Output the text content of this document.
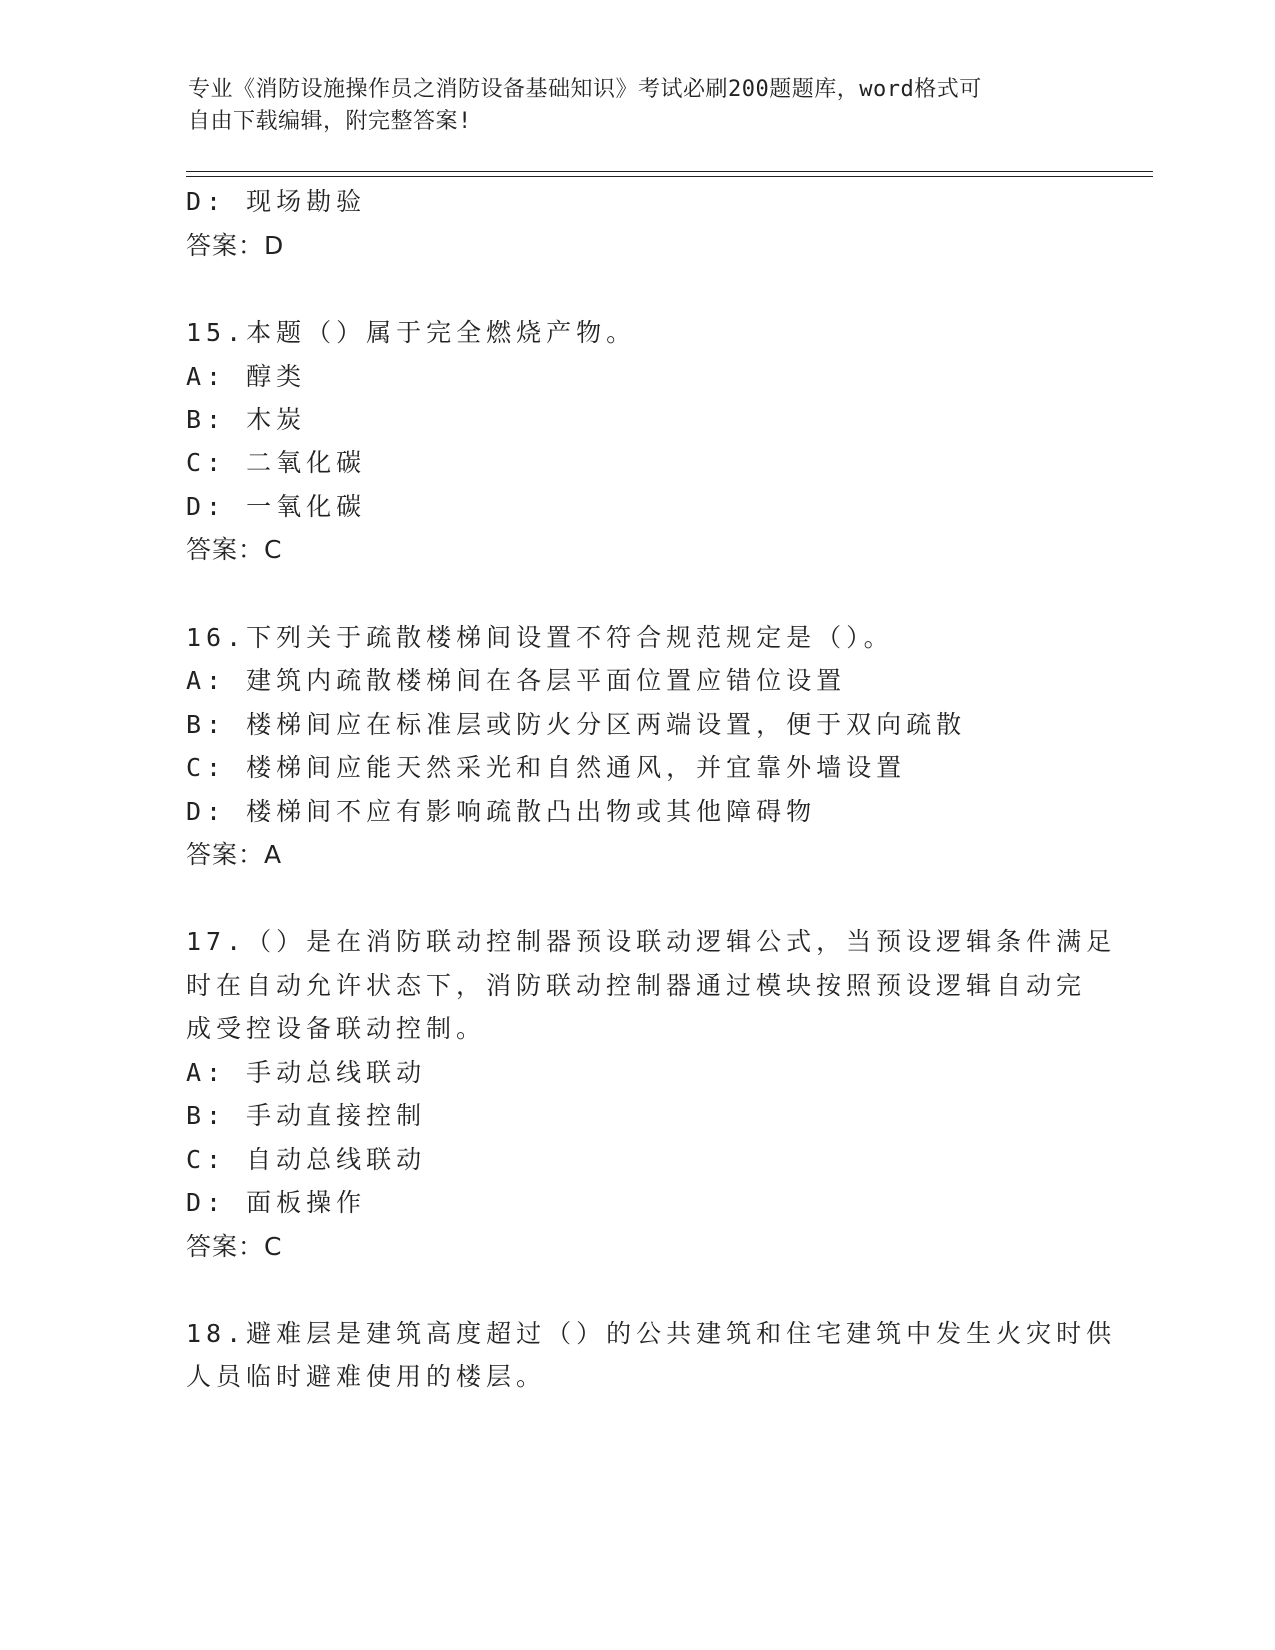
专业《消防设施操作员之消防设备基础知识》考试必刷200题题库，word格式可
自由下载编辑，附完整答案!
D: 现场勘验
答案：D
15.本题（）属于完全燃烧产物。
A: 醇类
B: 木炭
C: 二氧化碳
D: 一氧化碳
答案：C
16.下列关于疏散楼梯间设置不符合规范规定是（）。
A: 建筑内疏散楼梯间在各层平面位置应错位设置
B: 楼梯间应在标准层或防火分区两端设置，便于双向疏散
C: 楼梯间应能天然采光和自然通风，并宜靠外墙设置
D: 楼梯间不应有影响疏散凸出物或其他障碍物
答案：A
17.（）是在消防联动控制器预设联动逻辑公式，当预设逻辑条件满足
时在自动允许状态下，消防联动控制器通过模块按照预设逻辑自动完
成受控设备联动控制。
A: 手动总线联动
B: 手动直接控制
C: 自动总线联动
D: 面板操作
答案：C
18.避难层是建筑高度超过（）的公共建筑和住宅建筑中发生火灾时供
人员临时避难使用的楼层。
